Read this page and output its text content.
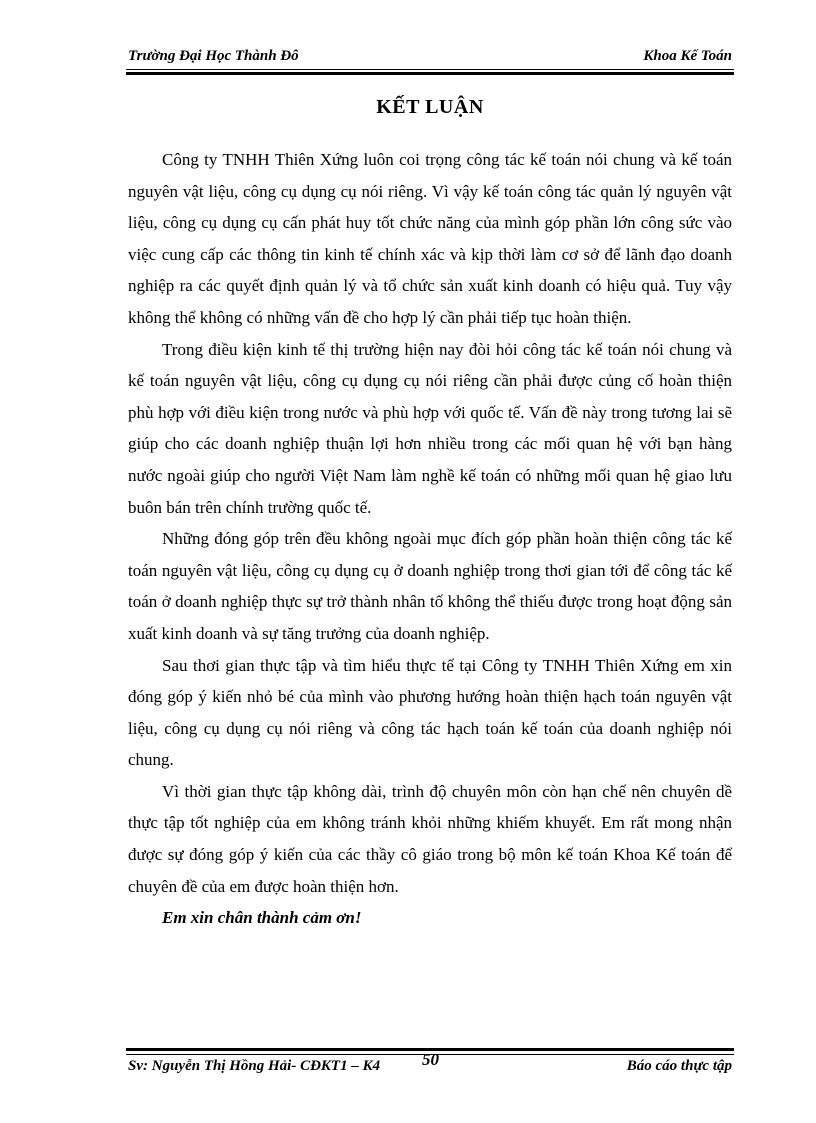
Trường Đại Học Thành Đô	Khoa Kế Toán
KẾT LUẬN

Công ty TNHH Thiên Xứng luôn coi trọng công tác kế toán nói chung và kế toán nguyên vật liệu, công cụ dụng cụ nói riêng. Vì vậy kế toán công tác quản lý nguyên vật liệu, công cụ dụng cụ cấn phát huy tốt chức năng của mình góp phần lớn công sức vào việc cung cấp các thông tin kinh tế chính xác và kịp thời làm cơ sở để lãnh đạo doanh nghiệp ra các quyết định quản lý và tổ chức sản xuất kinh doanh có hiệu quả. Tuy vậy không thể không có những vấn đề cho hợp lý cần phải tiếp tục hoàn thiện.

Trong điều kiện kinh tế thị trường hiện nay đòi hỏi công tác kế toán nói chung và kế toán nguyên vật liệu, công cụ dụng cụ nói riêng cần phải được củng cố hoàn thiện phù hợp với điều kiện trong nước và phù hợp với quốc tế. Vấn đề này trong tương lai sẽ giúp cho các doanh nghiệp thuận lợi hơn nhiều trong các mối quan hệ với bạn hàng nước ngoài giúp cho người Việt Nam làm nghề kế toán có những mối quan hệ giao lưu buôn bán trên chính trường quốc tế.

Những đóng góp trên đều không ngoài mục đích góp phần hoàn thiện công tác kế toán nguyên vật liệu, công cụ dụng cụ ở doanh nghiệp trong thơi gian tới để công tác kế toán ở doanh nghiệp thực sự trở thành nhân tố không thể thiếu được trong hoạt động sản xuất kinh doanh và sự tăng trưởng của doanh nghiệp.

Sau thơi gian thực tập và tìm hiểu thực tế tại Công ty TNHH Thiên Xứng em xin đóng góp ý kiến nhỏ bé của mình vào phương hướng hoàn thiện hạch toán nguyên vật liệu, công cụ dụng cụ nói riêng và công tác hạch toán kế toán của doanh nghiệp nói chung.

Vì thời gian thực tập không dài, trình độ chuyên môn còn hạn chế nên chuyên dề thực tập tốt nghiệp của em không tránh khỏi những khiếm khuyết. Em rất mong nhận được sự đóng góp ý kiến của các thầy cô giáo trong bộ môn kế toán Khoa Kế toán để chuyên đề của em được hoàn thiện hơn.

Em xin chân thành cảm ơn!

Sv: Nguyễn Thị Hồng Hải- CĐKT1 – K4 50	Báo cáo thực tập
